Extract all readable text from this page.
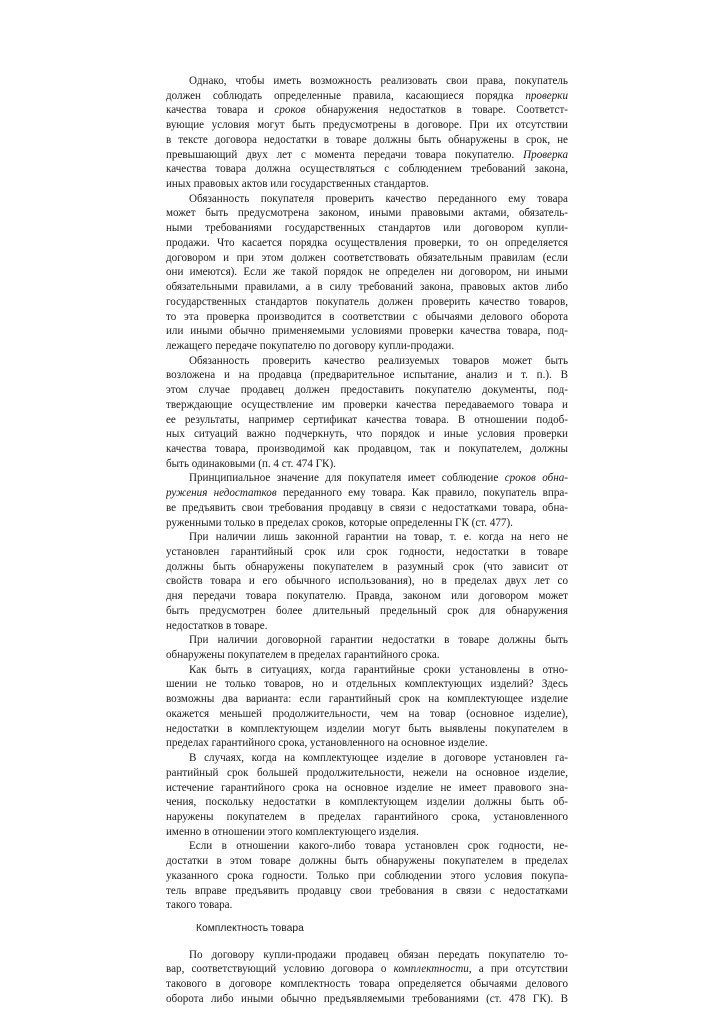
Однако, чтобы иметь возможность реализовать свои права, покупатель
должен соблюдать определенные правила, касающиеся порядка проверки
качества товара и сроков обнаружения недостатков в товаре. Соответст-
вующие условия могут быть предусмотрены в договоре. При их отсутствии
в тексте договора недостатки в товаре должны быть обнаружены в срок, не
превышающий двух лет с момента передачи товара покупателю. Проверка
качества товара должна осуществляться с соблюдением требований закона,
иных правовых актов или государственных стандартов.
Обязанность покупателя проверить качество переданного ему товара
может быть предусмотрена законом, иными правовыми актами, обязатель-
ными требованиями государственных стандартов или договором купли-
продажи. Что касается порядка осуществления проверки, то он определяется
договором и при этом должен соответствовать обязательным правилам (если
они имеются). Если же такой порядок не определен ни договором, ни иными
обязательными правилами, а в силу требований закона, правовых актов либо
государственных стандартов покупатель должен проверить качество товаров,
то эта проверка производится в соответствии с обычаями делового оборота
или иными обычно применяемыми условиями проверки качества товара, под-
лежащего передаче покупателю по договору купли-продажи.
Обязанность проверить качество реализуемых товаров может быть
возложена и на продавца (предварительное испытание, анализ и т. п.). В
этом случае продавец должен предоставить покупателю документы, под-
тверждающие осуществление им проверки качества передаваемого товара и
ее результаты, например сертификат качества товара. В отношении подоб-
ных ситуаций важно подчеркнуть, что порядок и иные условия проверки
качества товара, производимой как продавцом, так и покупателем, должны
быть одинаковыми (п. 4 ст. 474 ГК).
Принципиальное значение для покупателя имеет соблюдение сроков обна-
ружения недостатков переданного ему товара. Как правило, покупатель впра-
ве предъявить свои требования продавцу в связи с недостатками товара, обна-
руженными только в пределах сроков, которые определенны ГК (ст. 477).
При наличии лишь законной гарантии на товар, т. е. когда на него не
установлен гарантийный срок или срок годности, недостатки в товаре
должны быть обнаружены покупателем в разумный срок (что зависит от
свойств товара и его обычного использования), но в пределах двух лет со
дня передачи товара покупателю. Правда, законом или договором может
быть предусмотрен более длительный предельный срок для обнаружения
недостатков в товаре.
При наличии договорной гарантии недостатки в товаре должны быть
обнаружены покупателем в пределах гарантийного срока.
Как быть в ситуациях, когда гарантийные сроки установлены в отно-
шении не только товаров, но и отдельных комплектующих изделий? Здесь
возможны два варианта: если гарантийный срок на комплектующее изделие
окажется меньшей продолжительности, чем на товар (основное изделие),
недостатки в комплектующем изделии могут быть выявлены покупателем в
пределах гарантийного срока, установленного на основное изделие.
В случаях, когда на комплектующее изделие в договоре установлен га-
рантийный срок большей продолжительности, нежели на основное изделие,
истечение гарантийного срока на основное изделие не имеет правового зна-
чения, поскольку недостатки в комплектующем изделии должны быть об-
наружены покупателем в пределах гарантийного срока, установленного
именно в отношении этого комплектующего изделия.
Если в отношении какого-либо товара установлен срок годности, не-
достатки в этом товаре должны быть обнаружены покупателем в пределах
указанного срока годности. Только при соблюдении этого условия покупа-
тель вправе предъявить продавцу свои требования в связи с недостатками
такого товара.
Комплектность товара
По договору купли-продажи продавец обязан передать покупателю то-
вар, соответствующий условию договора о комплектности, а при отсутствии
такового в договоре комплектность товара определяется обычаями делового
оборота либо иными обычно предъявляемыми требованиями (ст. 478 ГК). В
